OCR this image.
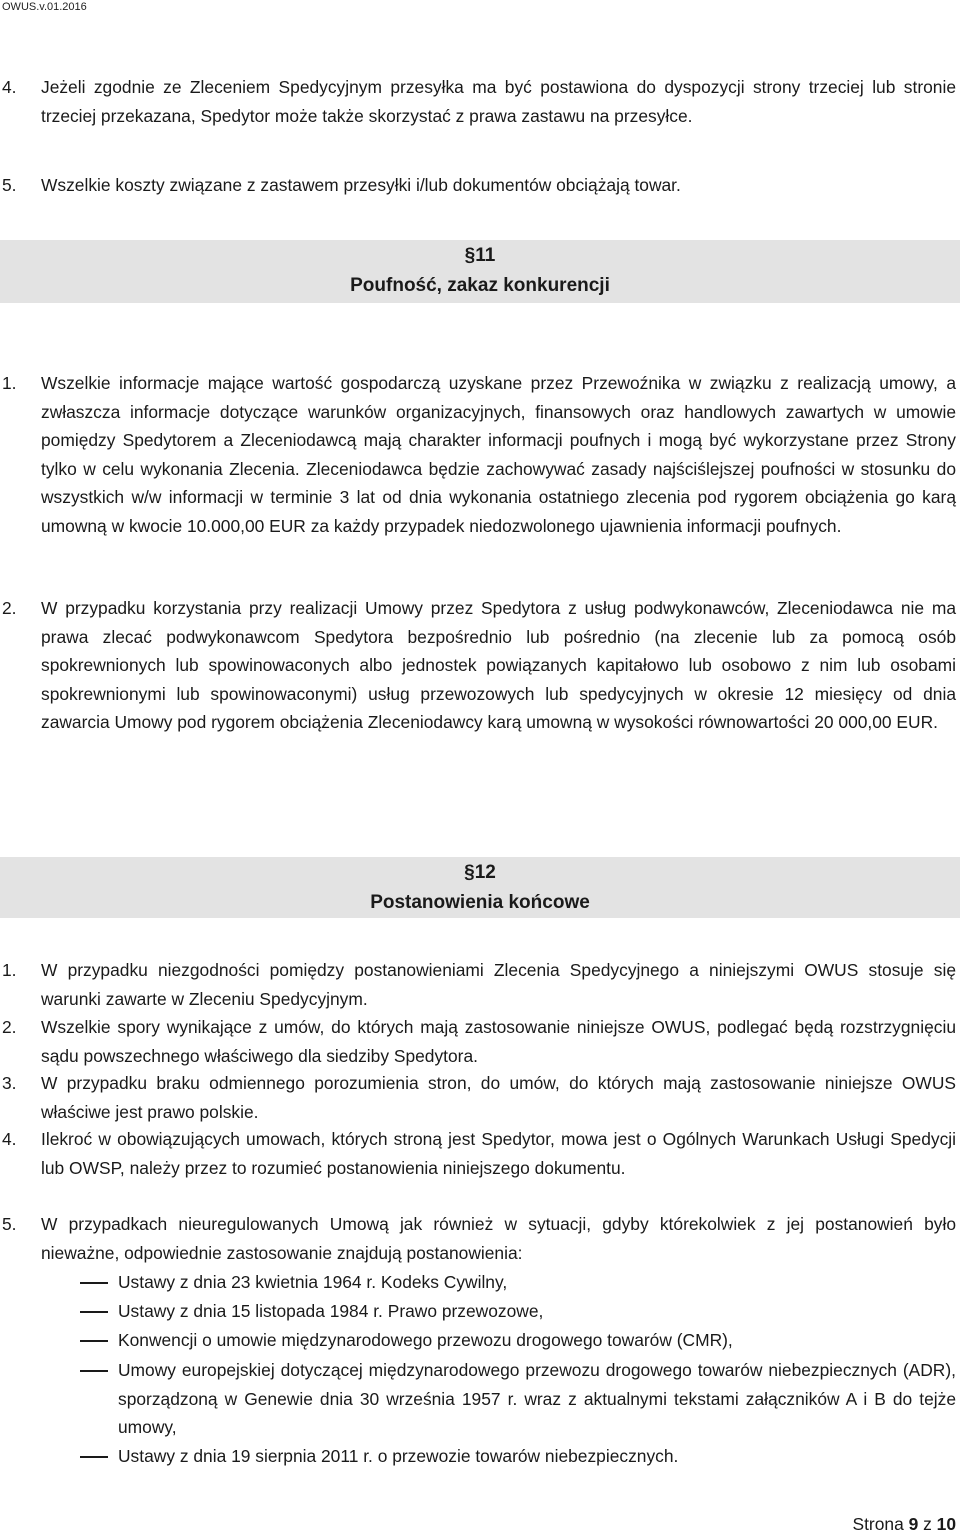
OWUS.v.01.2016
4. Jeżeli zgodnie ze Zleceniem Spedycyjnym przesyłka ma być postawiona do dyspozycji strony trzeciej lub stronie trzeciej przekazana, Spedytor może także skorzystać z prawa zastawu na przesyłce.
5. Wszelkie koszty związane z zastawem przesyłki i/lub dokumentów obciążają towar.
§11
Poufność, zakaz konkurencji
1. Wszelkie informacje mające wartość gospodarczą uzyskane przez Przewoźnika w związku z realizacją umowy, a zwłaszcza informacje dotyczące warunków organizacyjnych, finansowych oraz handlowych zawartych w umowie pomiędzy Spedytorem a Zleceniodawcą mają charakter informacji poufnych i mogą być wykorzystane przez Strony tylko w celu wykonania Zlecenia. Zleceniodawca będzie zachowywać zasady najściślejszej poufności w stosunku do wszystkich w/w informacji w terminie 3 lat od dnia wykonania ostatniego zlecenia pod rygorem obciążenia go karą umowną w kwocie 10.000,00 EUR za każdy przypadek niedozwolonego ujawnienia informacji poufnych.
2. W przypadku korzystania przy realizacji Umowy przez Spedytora z usług podwykonawców, Zleceniodawca nie ma prawa zlecać podwykonawcom Spedytora bezpośrednio lub pośrednio (na zlecenie lub za pomocą osób spokrewnionych lub spowinowaconych albo jednostek powiązanych kapitałowo lub osobowo z nim lub osobami spokrewnionymi lub spowinowaconymi) usług przewozowych lub spedycyjnych w okresie 12 miesięcy od dnia zawarcia Umowy pod rygorem obciążenia Zleceniodawcy karą umowną w wysokości równowartości 20 000,00 EUR.
§12
Postanowienia końcowe
1. W przypadku niezgodności pomiędzy postanowieniami Zlecenia Spedycyjnego a niniejszymi OWUS stosuje się warunki zawarte w Zleceniu Spedycyjnym.
2. Wszelkie spory wynikające z umów, do których mają zastosowanie niniejsze OWUS, podlegać będą rozstrzygnięciu sądu powszechnego właściwego dla siedziby Spedytora.
3. W przypadku braku odmiennego porozumienia stron, do umów, do których mają zastosowanie niniejsze OWUS właściwe jest prawo polskie.
4. Ilekroć w obowiązujących umowach, których stroną jest Spedytor, mowa jest o Ogólnych Warunkach Usługi Spedycji lub OWSP, należy przez to rozumieć postanowienia niniejszego dokumentu.
5. W przypadkach nieuregulowanych Umową jak również w sytuacji, gdyby którekolwiek z jej postanowień było nieważne, odpowiednie zastosowanie znajdują postanowienia:
Ustawy z dnia 23 kwietnia 1964 r. Kodeks Cywilny,
Ustawy z dnia 15 listopada 1984 r. Prawo przewozowe,
Konwencji o umowie międzynarodowego przewozu drogowego towarów (CMR),
Umowy europejskiej dotyczącej międzynarodowego przewozu drogowego towarów niebezpiecznych (ADR), sporządzoną w Genewie dnia 30 września 1957 r. wraz z aktualnymi tekstami załączników A i B do tejże umowy,
Ustawy z dnia 19 sierpnia 2011 r. o przewozie towarów niebezpiecznych.
Strona 9 z 10
